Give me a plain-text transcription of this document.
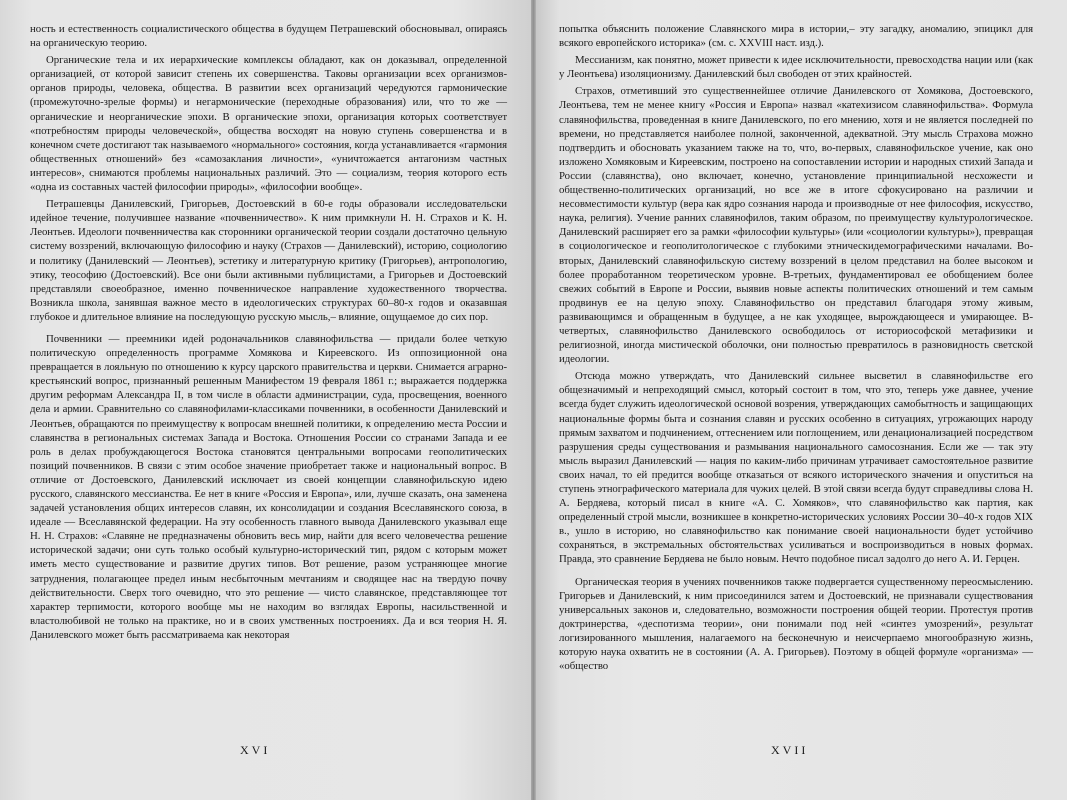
ность и естественность социалистического общества в будущем Петрашевский обосновывал, опираясь на органическую теорию.

Органические тела и их иерархические комплексы обладают, как он доказывал, определенной организацией, от которой зависит степень их совершенства. Таковы организации всех организмов-органов природы, человека, общества. В развитии всех организаций чередуются гармонические (промежуточно-зрелые формы) и негармонические (переходные образования) или, что то же — органические и неорганические эпохи. В органические эпохи, организация которых соответствует «потребностям природы человеческой», общества восходят на новую ступень совершенства и в конечном счете достигают так называемого «нормального» состояния, когда устанавливается «гармония общественных отношений» без «самозаклания личности», «уничтожается антагонизм частных интересов», снимаются проблемы национальных различий. Это — социализм, теория которого есть «одна из составных частей философии природы», «философии вообще».

Петрашевцы Данилевский, Григорьев, Достоевский в 60-е годы образовали исследовательски идейное течение, получившее название «почвенничество». К ним примкнули Н. Н. Страхов и К. Н. Леонтьев. Идеологи почвенничества как сторонники органической теории создали достаточно цельную систему воззрений, включающую философию и науку (Страхов — Данилевский), историю, социологию и политику (Данилевский — Леонтьев), эстетику и литературную критику (Григорьев), антропологию, этику, теософию (Достоевский). Все они были активными публицистами, а Григорьев и Достоевский представляли своеобразное, именно почвенническое направление художественного творчества. Возникла школа, занявшая важное место в идеологических структурах 60–80-х годов и оказавшая глубокое и длительное влияние на последующую русскую мысль,– влияние, ощущаемое до сих пор.

Почвенники — преемники идей родоначальников славянофильства — придали более четкую политическую определенность программе Хомякова и Киреевского. Из оппозиционной она превращается в лояльную по отношению к курсу царского правительства и церкви. Снимается аграрно-крестьянский вопрос, признанный решенным Манифестом 19 февраля 1861 г.; выражается поддержка другим реформам Александра II, в том числе в области администрации, суда, просвещения, военного дела и армии. Сравнительно со славянофилами-классиками почвенники, в особенности Данилевский и Леонтьев, обращаются по преимуществу к вопросам внешней политики, к определению места России и славянства в региональных системах Запада и Востока. Отношения России со странами Запада и ее роль в делах пробуждающегося Востока становятся центральными вопросами геополитических позиций почвенников. В связи с этим особое значение приобретает также и национальный вопрос. В отличие от Достоевского, Данилевский исключает из своей концепции славянофильскую идею русского, славянского мессианства. Ее нет в книге «Россия и Европа», или, лучше сказать, она заменена задачей установления общих интересов славян, их консолидации и создания Всеславянского союза, в идеале — Всеславянской федерации. На эту особенность главного вывода Данилевского указывал еще Н. Н. Страхов: «Славяне не предназначены обновить весь мир, найти для всего человечества решение исторической задачи; они суть только особый культурно-исторический тип, рядом с которым может иметь место существование и развитие других типов. Вот решение, разом устраняющее многие затруднения, полагающее предел иным несбыточным мечтаниям и сводящее нас на твердую почву действительности. Сверх того очевидно, что это решение — чисто славянское, представляющее тот характер терпимости, которого вообще мы не находим во взглядах Европы, насильственной и властолюбивой не только на практике, но и в своих умственных построениях. Да и вся теория Н. Я. Данилевского может быть рассматриваема как некоторая

XVI

попытка объяснить положение Славянского мира в истории,– эту загадку, аномалию, эпицикл для всякого европейского историка» (см. с. XXVIII наст. изд.).

Мессианизм, как понятно, может привести к идее исключительности, превосходства нации или (как у Леонтьева) изоляционизму. Данилевский был свободен от этих крайностей.

Страхов, отметивший это существеннейшее отличие Данилевского от Хомякова, Достоевского, Леонтьева, тем не менее книгу «Россия и Европа» назвал «катехизисом славянофильства». Формула славянофильства, проведенная в книге Данилевского, по его мнению, хотя и не является последней по времени, но представляется наиболее полной, законченной, адекватной. Эту мысль Страхова можно подтвердить и обосновать указанием также на то, что, во-первых, славянофильское учение, как оно изложено Хомяковым и Киреевским, построено на сопоставлении истории и народных стихий Запада и России (славянства), оно включает, конечно, установление принципиальной несхожести и общественно-политических организаций, но все же в итоге сфокусировано на различии и несовместимости культур (вера как ядро сознания народа и производные от нее философия, искусство, наука, религия). Учение ранних славянофилов, таким образом, по преимуществу культурологическое. Данилевский расширяет его за рамки «философии культуры» (или «социологии культуры»), превращая в социологическое и геополитологическое с глубокими этническидемографическими началами. Во-вторых, Данилевский славянофильскую систему воззрений в целом представил на более высоком и более проработанном теоретическом уровне. В-третьих, фундаментировал ее обобщением более свежих событий в Европе и России, выявив новые аспекты политических отношений и тем самым продвинув ее на целую эпоху. Славянофильство он представил благодаря этому живым, развивающимся и обращенным в будущее, а не как уходящее, вырождающееся и умирающее. В-четвертых, славянофильство Данилевского освободилось от историософской метафизики и религиозной, иногда мистической оболочки, они полностью превратилось в разновидность светской идеологии.

Отсюда можно утверждать, что Данилевский сильнее высветил в славянофильстве его общезначимый и непреходящий смысл, который состоит в том, что это, теперь уже давнее, учение всегда будет служить идеологической основой возрения, утверждающих самобытность и защищающих национальные формы быта и сознания славян и русских особенно в ситуациях, угрожающих народу прямым захватом и подчинением, оттеснением или поглощением, или денационализацией посредством разрушения среды существования и размывания национального самосознания. Если же — так эту мысль выразил Данилевский — нация по каким-либо причинам утрачивает самостоятельное развитие своих начал, то ей предится вообще отказаться от всякого исторического значения и опуститься на ступень этнографического материала для чужих целей. В этой связи всегда будут справедливы слова Н. А. Бердяева, который писал в книге «А. С. Хомяков», что славянофильство как партия, как определенный строй мысли, возникшее в конкретно-исторических условиях России 30–40-х годов XIX в., ушло в историю, но славянофильство как понимание своей национальности будет устойчиво сохраняться, в экстремальных обстоятельствах усиливаться и воспроизводиться в новых формах. Правда, это сравнение Бердяева не было новым. Нечто подобное писал задолго до него А. И. Герцен.

Органическая теория в учениях почвенников также подвергается существенному переосмыслению. Григорьев и Данилевский, к ним присоединился затем и Достоевский, не признавали существования универсальных законов и, следовательно, возможности построения общей теории. Протестуя против доктринерства, «деспотизма теории», они понимали под ней «синтез умозрений», результат логизированного мышления, налагаемого на бесконечную и неисчерпаемо многообразную жизнь, которую наука охватить не в состоянии (А. А. Григорьев). Поэтому в общей формуле «организма» — «общество

XVII
